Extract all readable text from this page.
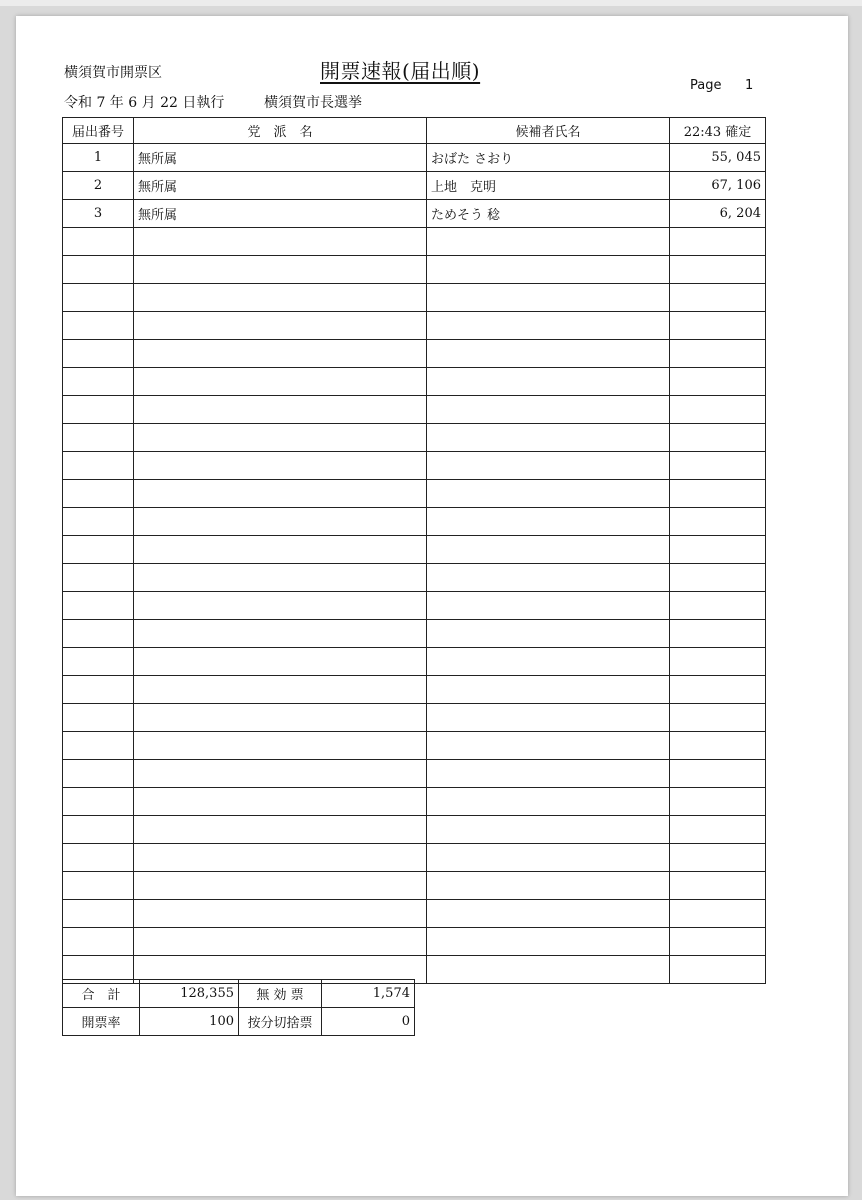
横須賀市開票区	開票速報(届出順)
Page 1
令和 7 年 6 月 22 日執行	横須賀市長選挙
届出番号	党　派　名	候補者氏名	22:43 確定
1	無所属	おばた さおり	55, 045
2	無所属	上地　克明	67, 106
3	無所属	ためそう 稔	6, 204

合　計	128,355	無 効 票	1,574
開票率	100	按分切捨票	0
